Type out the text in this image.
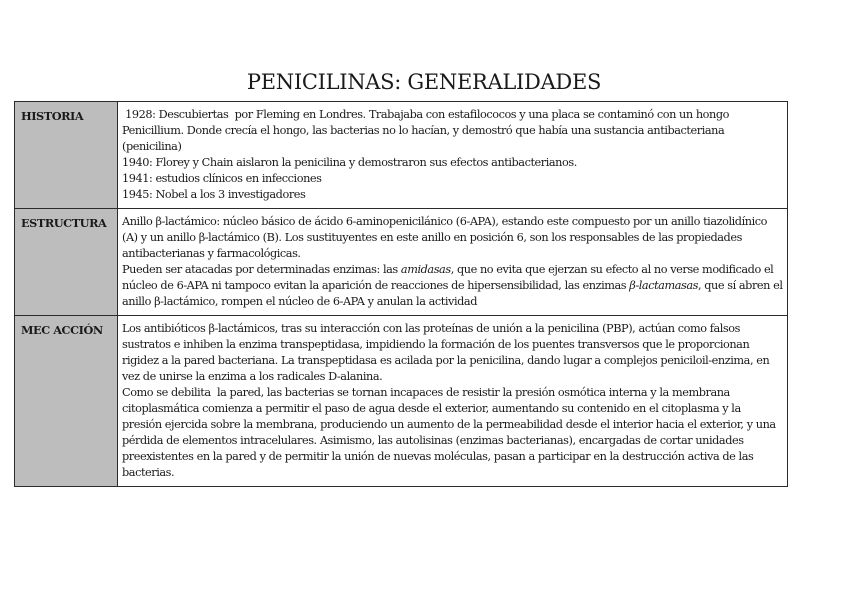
PENICILINAS: GENERALIDADES
HISTORIA	1928: Descubiertas  por Fleming en Londres. Trabajaba con estafilococos y una placa se contaminó con un hongo Penicillium. Donde crecía el hongo, las bacterias no lo hacían, y demostró que había una sustancia antibacteriana (penicilina)
1940: Florey y Chain aislaron la penicilina y demostraron sus efectos antibacterianos.
1941: estudios clínicos en infecciones
1945: Nobel a los 3 investigadores

ESTRUCTURA	Anillo β-lactámico: núcleo básico de ácido 6-aminopenicilánico (6-APA), estando este compuesto por un anillo tiazolidínico (A) y un anillo β-lactámico (B). Los sustituyentes en este anillo en posición 6, son los responsables de las propiedades antibacterianas y farmacológicas.
Pueden ser atacadas por determinadas enzimas: las amidasas, que no evita que ejerzan su efecto al no verse modificado el núcleo de 6-APA ni tampoco evitan la aparición de reacciones de hipersensibilidad, las enzimas β-lactamasas, que sí abren el anillo β-lactámico, rompen el núcleo de 6-APA y anulan la actividad

MEC ACCIÓN	Los antibióticos β-lactámicos, tras su interacción con las proteínas de unión a la penicilina (PBP), actúan como falsos sustratos e inhiben la enzima transpeptidasa, impidiendo la formación de los puentes transversos que le proporcionan rigidez a la pared bacteriana. La transpeptidasa es acilada por la penicilina, dando lugar a complejos peniciloil-enzima, en vez de unirse la enzima a los radicales D-alanina.
Como se debilita  la pared, las bacterias se tornan incapaces de resistir la presión osmótica interna y la membrana citoplasmática comienza a permitir el paso de agua desde el exterior, aumentando su contenido en el citoplasma y la presión ejercida sobre la membrana, produciendo un aumento de la permeabilidad desde el interior hacia el exterior, y una pérdida de elementos intracelulares. Asimismo, las autolisinas (enzimas bacterianas), encargadas de cortar unidades preexistentes en la pared y de permitir la unión de nuevas moléculas, pasan a participar en la destrucción activa de las bacterias.
